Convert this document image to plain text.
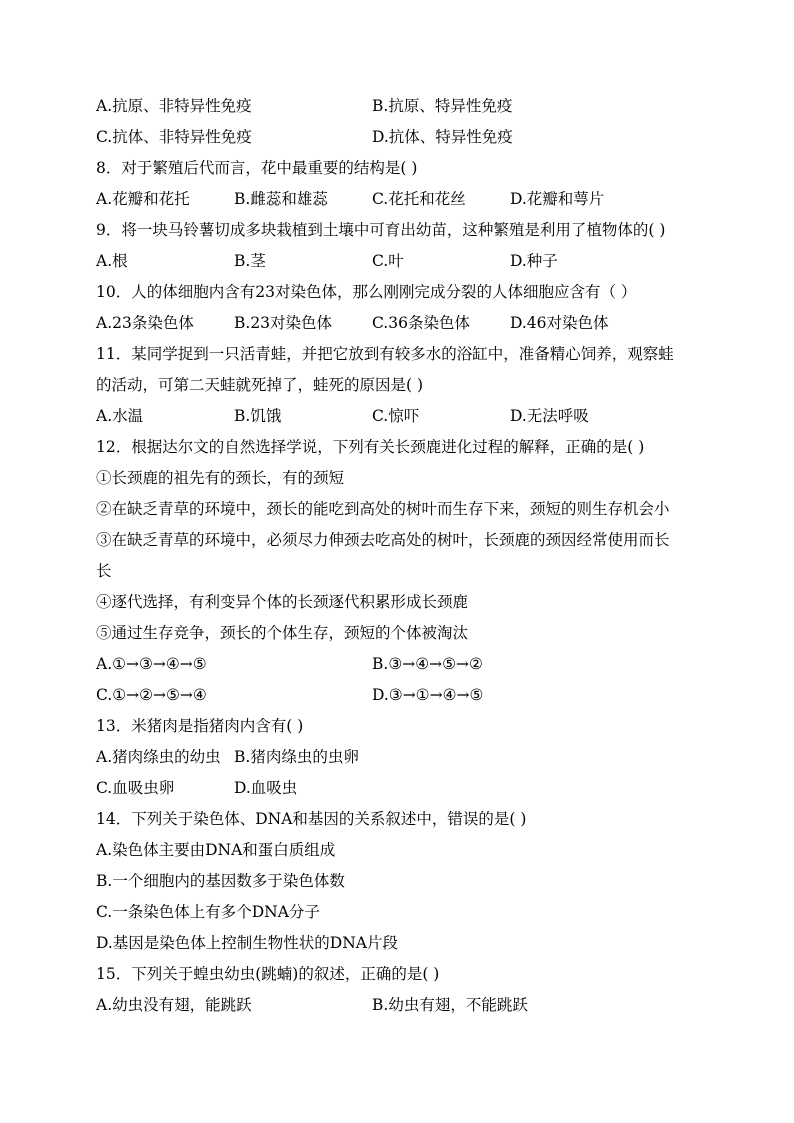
A.抗原、非特异性免疫	B.抗原、特异性免疫
C.抗体、非特异性免疫	D.抗体、特异性免疫
8．对于繁殖后代而言，花中最重要的结构是( )
A.花瓣和花托	B.雌蕊和雄蕊	C.花托和花丝	D.花瓣和萼片
9．将一块马铃薯切成多块栽植到土壤中可育出幼苗，这种繁殖是利用了植物体的( )
A.根	B.茎	C.叶	D.种子
10．人的体细胞内含有23对染色体，那么刚刚完成分裂的人体细胞应含有（ ）
A.23条染色体	B.23对染色体	C.36条染色体	D.46对染色体
11．某同学捉到一只活青蛙，并把它放到有较多水的浴缸中，准备精心饲养，观察蛙
的活动，可第二天蛙就死掉了，蛙死的原因是( )
A.水温	B.饥饿	C.惊吓	D.无法呼吸
12．根据达尔文的自然选择学说，下列有关长颈鹿进化过程的解释，正确的是( )
①长颈鹿的祖先有的颈长，有的颈短
②在缺乏青草的环境中，颈长的能吃到高处的树叶而生存下来，颈短的则生存机会小
③在缺乏青草的环境中，必须尽力伸颈去吃高处的树叶，长颈鹿的颈因经常使用而长
长
④逐代选择，有利变异个体的长颈逐代积累形成长颈鹿
⑤通过生存竞争，颈长的个体生存，颈短的个体被淘汰
A.①→③→④→⑤	B.③→④→⑤→②
C.①→②→⑤→④	D.③→①→④→⑤
13．米猪肉是指猪肉内含有( )
A.猪肉绦虫的幼虫 B.猪肉绦虫的虫卵
C.血吸虫卵	D.血吸虫
14．下列关于染色体、DNA和基因的关系叙述中，错误的是( )
A.染色体主要由DNA和蛋白质组成
B.一个细胞内的基因数多于染色体数
C.一条染色体上有多个DNA分子
D.基因是染色体上控制生物性状的DNA片段
15．下列关于蝗虫幼虫(跳蝻)的叙述，正确的是( )
A.幼虫没有翅，能跳跃	B.幼虫有翅，不能跳跃
